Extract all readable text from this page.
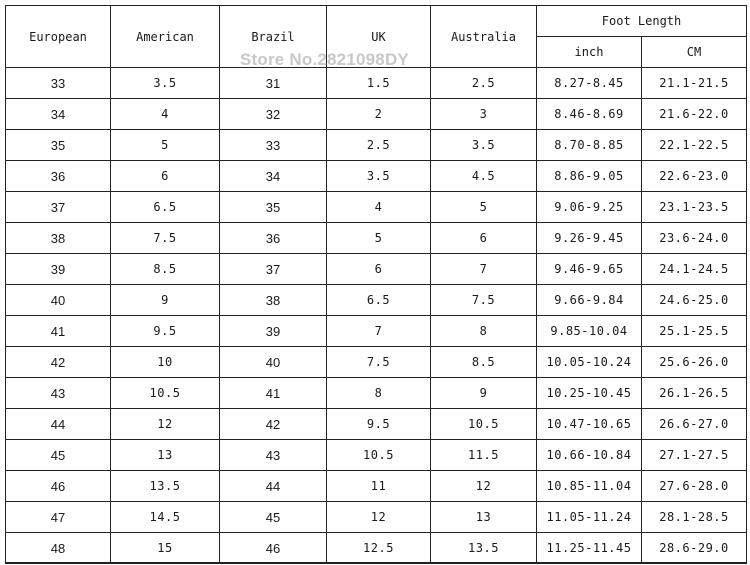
European	American	Brazil	UK	Australia	Foot Length	
					inch	CM
33	3.5	31	1.5	2.5	8.27-8.45	21.1-21.5
34	4	32	2	3	8.46-8.69	21.6-22.0
35	5	33	2.5	3.5	8.70-8.85	22.1-22.5
36	6	34	3.5	4.5	8.86-9.05	22.6-23.0
37	6.5	35	4	5	9.06-9.25	23.1-23.5
38	7.5	36	5	6	9.26-9.45	23.6-24.0
39	8.5	37	6	7	9.46-9.65	24.1-24.5
40	9	38	6.5	7.5	9.66-9.84	24.6-25.0
41	9.5	39	7	8	9.85-10.04	25.1-25.5
42	10	40	7.5	8.5	10.05-10.24	25.6-26.0
43	10.5	41	8	9	10.25-10.45	26.1-26.5
44	12	42	9.5	10.5	10.47-10.65	26.6-27.0
45	13	43	10.5	11.5	10.66-10.84	27.1-27.5
46	13.5	44	11	12	10.85-11.04	27.6-28.0
47	14.5	45	12	13	11.05-11.24	28.1-28.5
48	15	46	12.5	13.5	11.25-11.45	28.6-29.0
Store No.2821098DY
